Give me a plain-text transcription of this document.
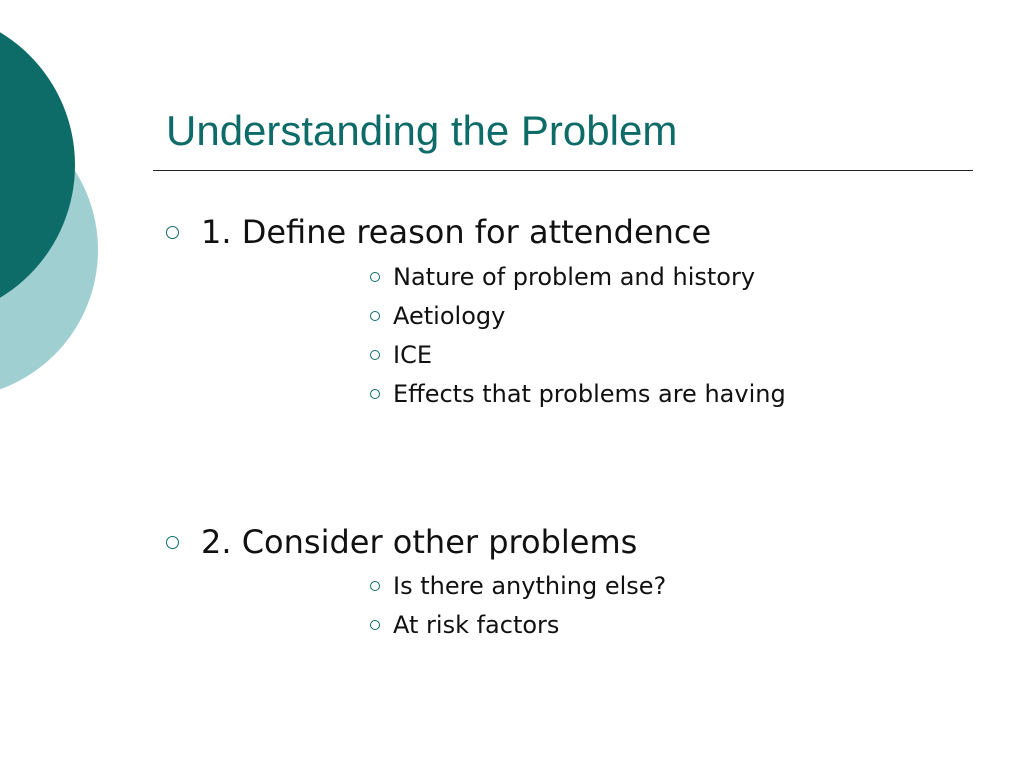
Understanding the Problem
1. Define reason for attendence
Nature of problem and history
Aetiology
ICE
Effects that problems are having
2. Consider other problems
Is there anything else?
At risk factors
